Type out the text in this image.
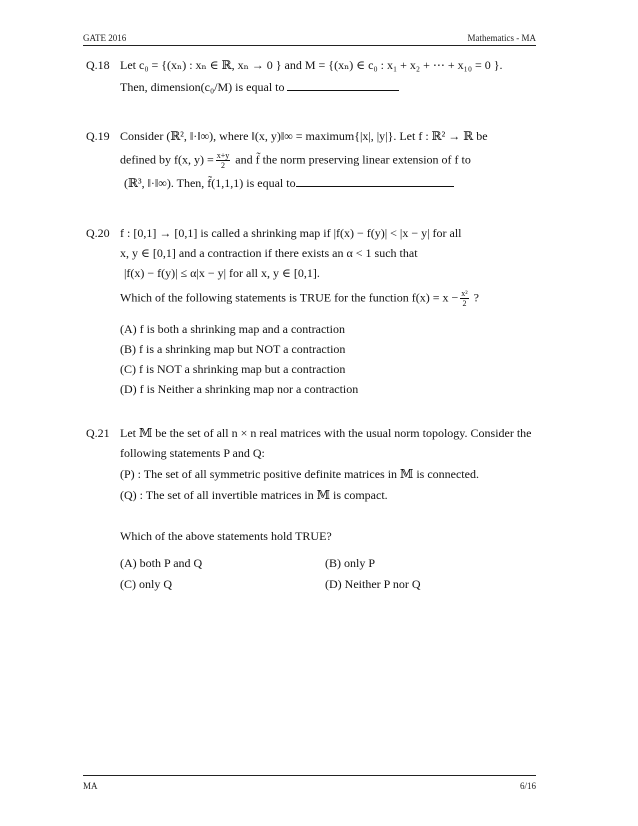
GATE 2016	Mathematics - MA
Q.18 Let c₀ = {(xₙ) : xₙ ∈ ℝ, xₙ → 0 } and M = {(xₙ) ∈ c₀ : x₁ + x₂ + ⋯ + x₁₀ = 0 }.
Then, dimension(c₀/M) is equal to
Q.19 Consider (ℝ², ‖·‖∞), where ‖(x, y)‖∞ = maximum{|x|, |y|}. Let f : ℝ² → ℝ be
defined by f(x, $y) = \frac{x+y}{2}$ and f̃ the norm preserving linear extension of f to
(ℝ³, ‖·‖∞). Then, f̃(1,1,1) is equal to
Q.20 f : [0,1] → [0,1] is called a shrinking map if |f(x) − f(y)| < |x − y| for all
x, y ∈ [0,1] and a contraction if there exists an α < 1 such that
|f(x) − f(y)| ≤ α|x − y| for all x, y ∈ [0,1].
Which of the following statements is TRUE for the function $f(x) = x - \frac{\text{x²}}{2}$ ?
(A) f is both a shrinking map and a contraction
(B) f is a shrinking map but NOT a contraction
(C) f is NOT a shrinking map but a contraction
(D) f is Neither a shrinking map nor a contraction
Q.21 Let 𝕄 be the set of all n × n real matrices with the usual norm topology. Consider the
following statements P and Q:
(P) : The set of all symmetric positive definite matrices in 𝕄 is connected.
(Q) : The set of all invertible matrices in 𝕄 is compact.
Which of the above statements hold TRUE?
(A) both P and Q	(B) only P
(C) only Q	(D) Neither P nor Q
MA	6/16
